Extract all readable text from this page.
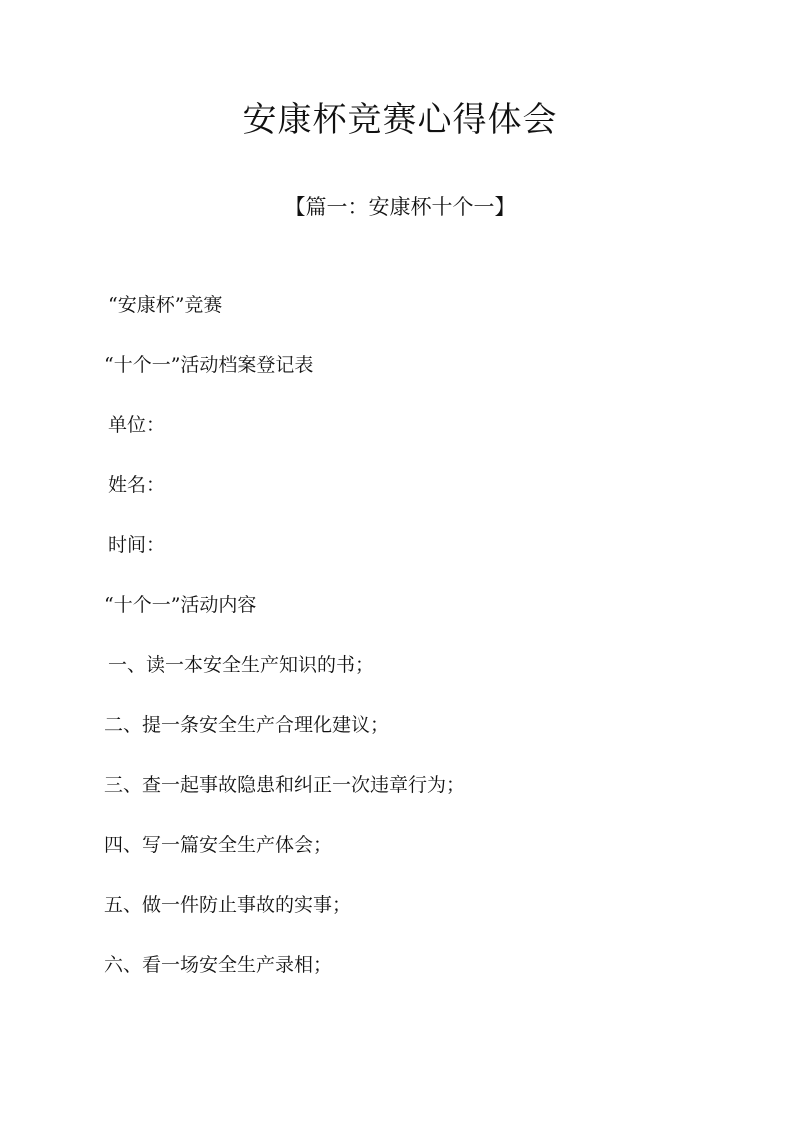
安康杯竞赛心得体会
【篇一：安康杯十个一】

“安康杯”竞赛

“十个一”活动档案登记表

单位：

姓名：

时间：

“十个一”活动内容

一、读一本安全生产知识的书；

二、提一条安全生产合理化建议；

三、查一起事故隐患和纠正一次违章行为；

四、写一篇安全生产体会；

五、做一件防止事故的实事；

六、看一场安全生产录相；
